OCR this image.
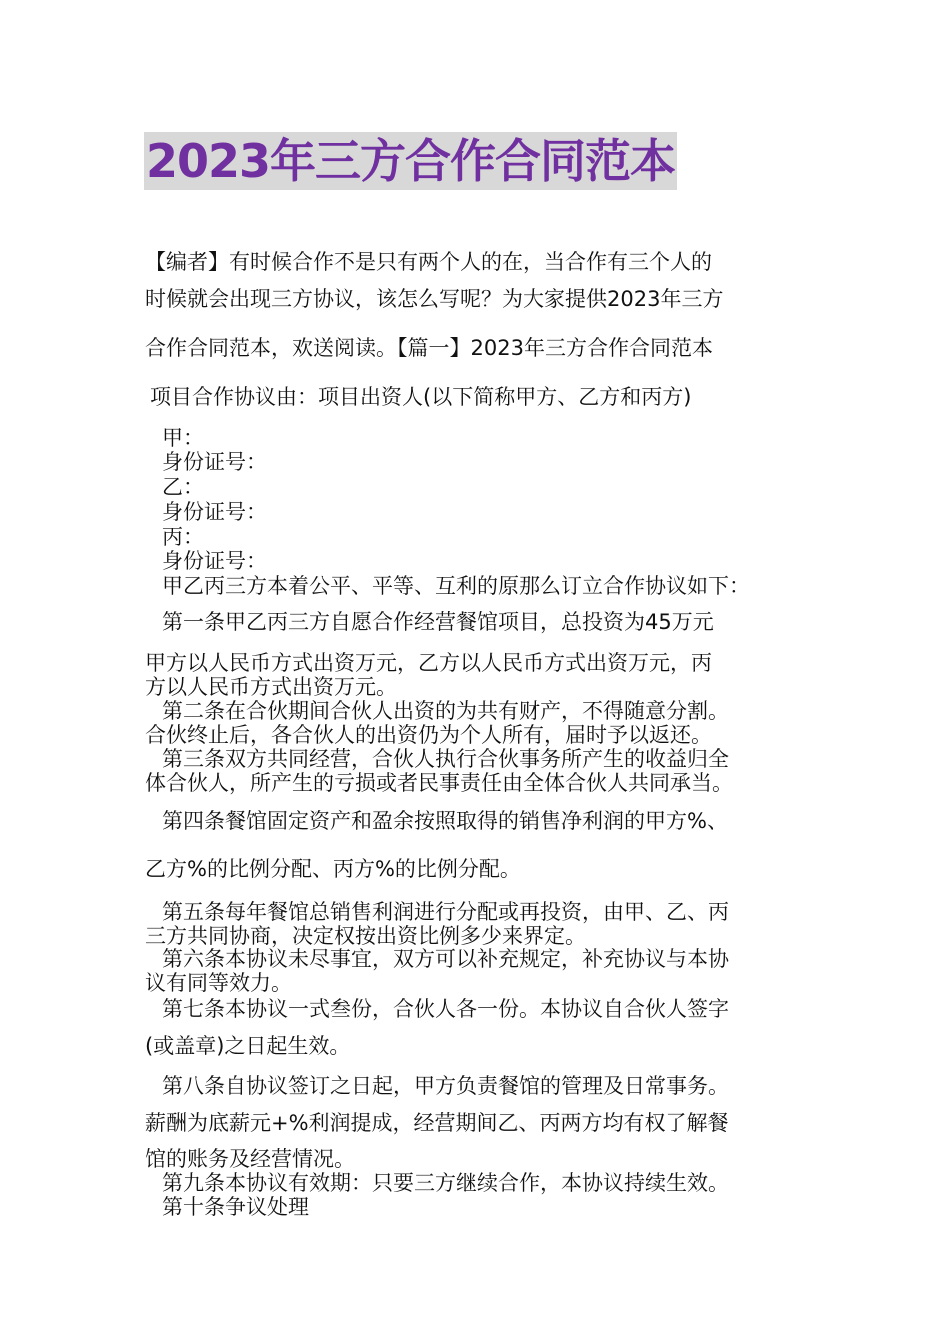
2023年三方合作合同范本
【编者】有时候合作不是只有两个人的在，当合作有三个人的
时候就会出现三方协议，该怎么写呢？为大家提供2023年三方
合作合同范本，欢送阅读。【篇一】2023年三方合作合同范本
项目合作协议由：项目出资人(以下简称甲方、乙方和丙方)
甲：
身份证号：
乙：
身份证号：
丙：
身份证号：
甲乙丙三方本着公平、平等、互利的原那么订立合作协议如下：
第一条甲乙丙三方自愿合作经营餐馆项目，总投资为45万元
甲方以人民币方式出资万元，乙方以人民币方式出资万元，丙
方以人民币方式出资万元。
第二条在合伙期间合伙人出资的为共有财产，不得随意分割。
合伙终止后，各合伙人的出资仍为个人所有，届时予以返还。
第三条双方共同经营，合伙人执行合伙事务所产生的收益归全
体合伙人，所产生的亏损或者民事责任由全体合伙人共同承当。
第四条餐馆固定资产和盈余按照取得的销售净利润的甲方%、
乙方%的比例分配、丙方%的比例分配。
第五条每年餐馆总销售利润进行分配或再投资，由甲、乙、丙
三方共同协商，决定权按出资比例多少来界定。
第六条本协议未尽事宜，双方可以补充规定，补充协议与本协
议有同等效力。
第七条本协议一式叁份，合伙人各一份。本协议自合伙人签字
(或盖章)之日起生效。
第八条自协议签订之日起，甲方负责餐馆的管理及日常事务。
薪酬为底薪元+%利润提成，经营期间乙、丙两方均有权了解餐
馆的账务及经营情况。
第九条本协议有效期：只要三方继续合作，本协议持续生效。
第十条争议处理
